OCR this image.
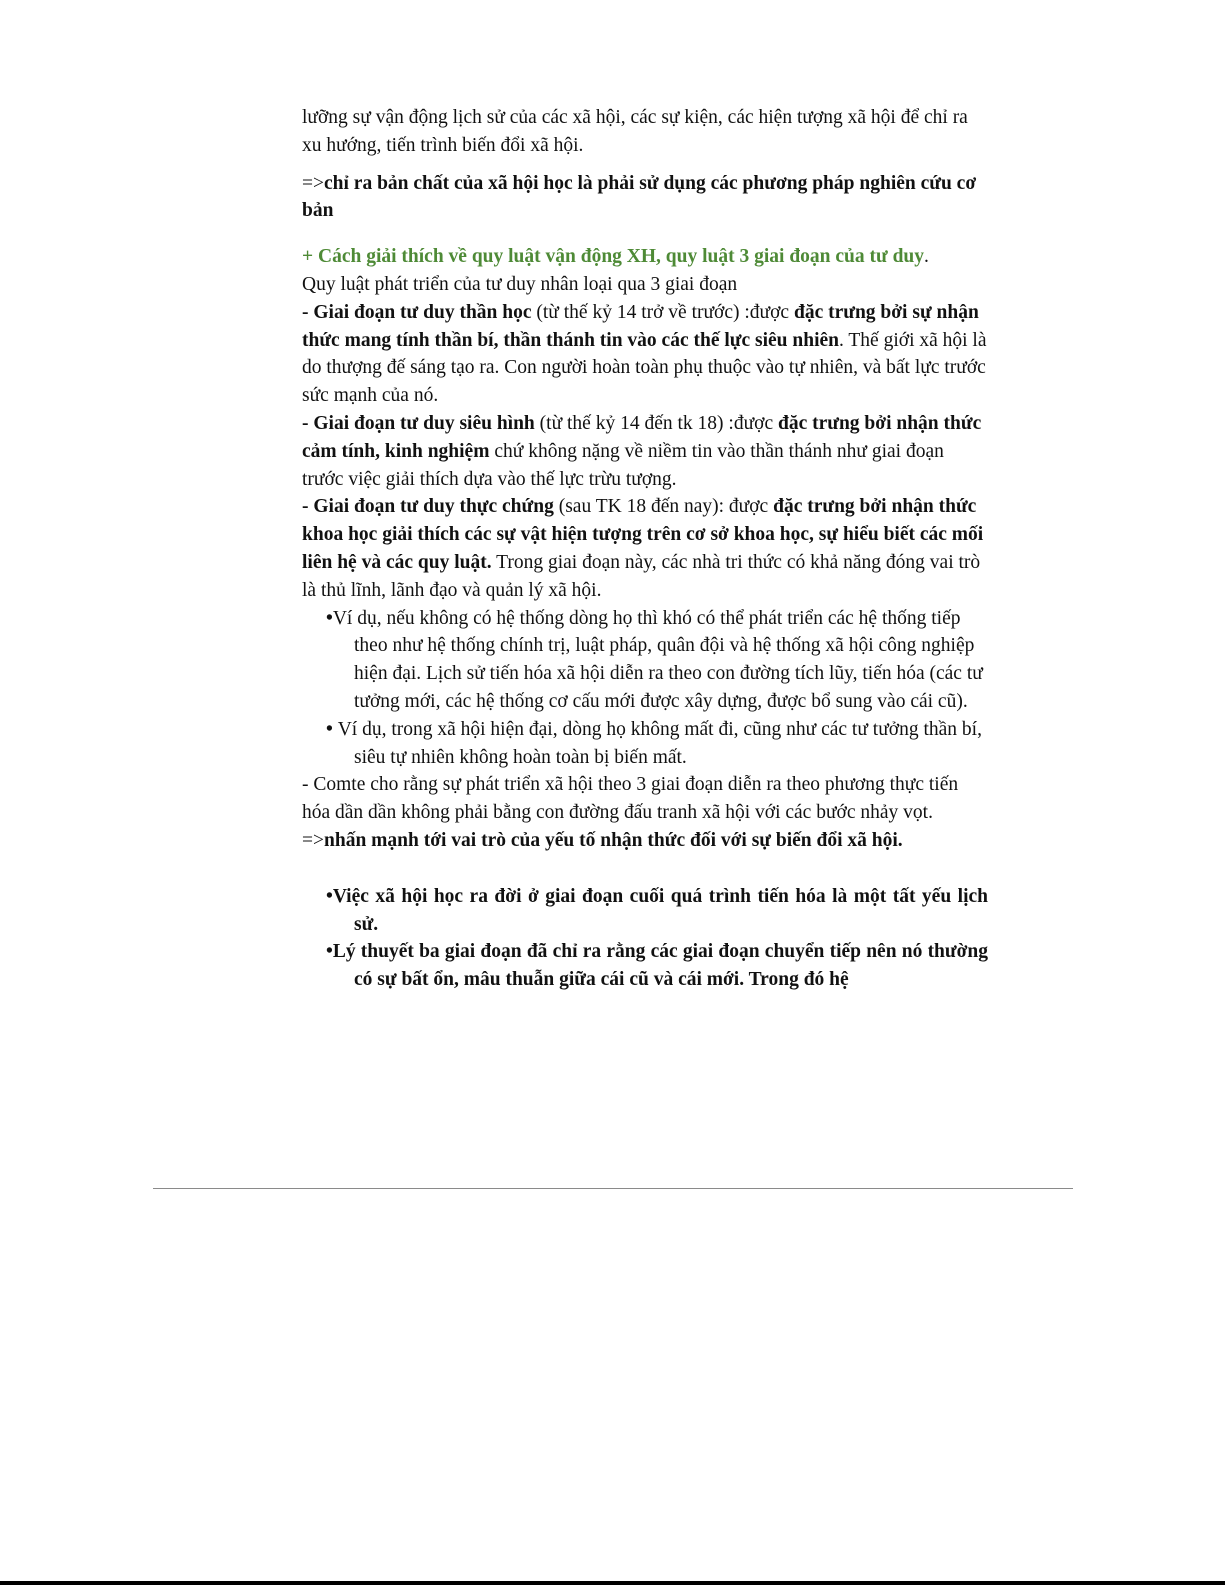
lưỡng sự vận động lịch sử của các xã hội, các sự kiện, các hiện tượng xã hội để chỉ ra xu hướng, tiến trình biến đổi xã hội.

=>chỉ ra bản chất của xã hội học là phải sử dụng các phương pháp nghiên cứu cơ bản

+ Cách giải thích về quy luật vận động XH, quy luật 3 giai đoạn của tư duy.

Quy luật phát triển của tư duy nhân loại qua 3 giai đoạn

- Giai đoạn tư duy thần học (từ thế kỷ 14 trở về trước) :được đặc trưng bởi sự nhận thức mang tính thần bí, thần thánh tin vào các thế lực siêu nhiên. Thế giới xã hội là do thượng đế sáng tạo ra. Con người hoàn toàn phụ thuộc vào tự nhiên, và bất lực trước sức mạnh của nó.

- Giai đoạn tư duy siêu hình (từ thế kỷ 14 đến tk 18) :được đặc trưng bởi nhận thức cảm tính, kinh nghiệm chứ không nặng về niềm tin vào thần thánh như giai đoạn trước việc giải thích dựa vào thế lực trừu tượng.

- Giai đoạn tư duy thực chứng (sau TK 18 đến nay): được đặc trưng bởi nhận thức khoa học giải thích các sự vật hiện tượng trên cơ sở khoa học, sự hiểu biết các mối liên hệ và các quy luật. Trong giai đoạn này, các nhà tri thức có khả năng đóng vai trò là thủ lĩnh, lãnh đạo và quản lý xã hội.

•Ví dụ, nếu không có hệ thống dòng họ thì khó có thể phát triển các hệ thống tiếp theo như hệ thống chính trị, luật pháp, quân đội và hệ thống xã hội công nghiệp hiện đại. Lịch sử tiến hóa xã hội diễn ra theo con đường tích lũy, tiến hóa (các tư tưởng mới, các hệ thống cơ cấu mới được xây dựng, được bổ sung vào cái cũ).

• Ví dụ, trong xã hội hiện đại, dòng họ không mất đi, cũng như các tư tưởng thần bí, siêu tự nhiên không hoàn toàn bị biến mất.

- Comte cho rằng sự phát triển xã hội theo 3 giai đoạn diễn ra theo phương thực tiến hóa dần dần không phải bằng con đường đấu tranh xã hội với các bước nhảy vọt.

=>nhấn mạnh tới vai trò của yếu tố nhận thức đối với sự biến đổi xã hội.

•Việc xã hội học ra đời ở giai đoạn cuối quá trình tiến hóa là một tất yếu lịch sử.

•Lý thuyết ba giai đoạn đã chỉ ra rằng các giai đoạn chuyển tiếp nên nó thường có sự bất ổn, mâu thuẫn giữa cái cũ và cái mới. Trong đó hệ
